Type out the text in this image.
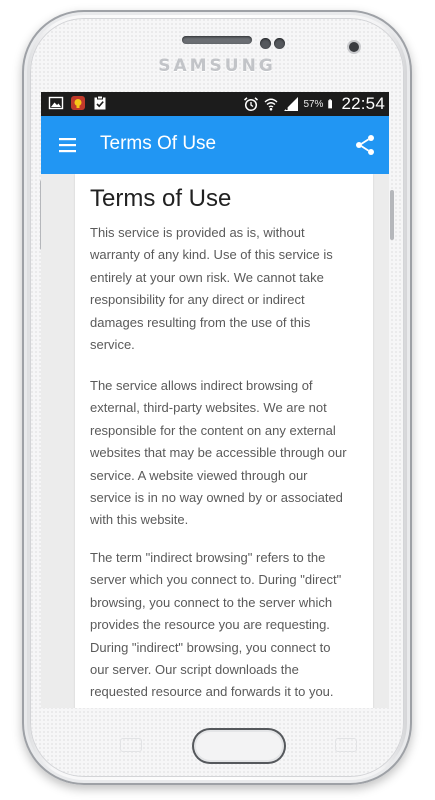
SAMSUNG
57% 22:54
Terms Of Use
Terms of Use

This service is provided as is, without warranty of any kind. Use of this service is entirely at your own risk. We cannot take responsibility for any direct or indirect damages resulting from the use of this service.

The service allows indirect browsing of external, third-party websites. We are not responsible for the content on any external websites that may be accessible through our service. A website viewed through our service is in no way owned by or associated with this website.

The term "indirect browsing" refers to the server which you connect to. During "direct" browsing, you connect to the server which provides the resource you are requesting. During "indirect" browsing, you connect to our server. Our script downloads the requested resource and forwards it to you.
